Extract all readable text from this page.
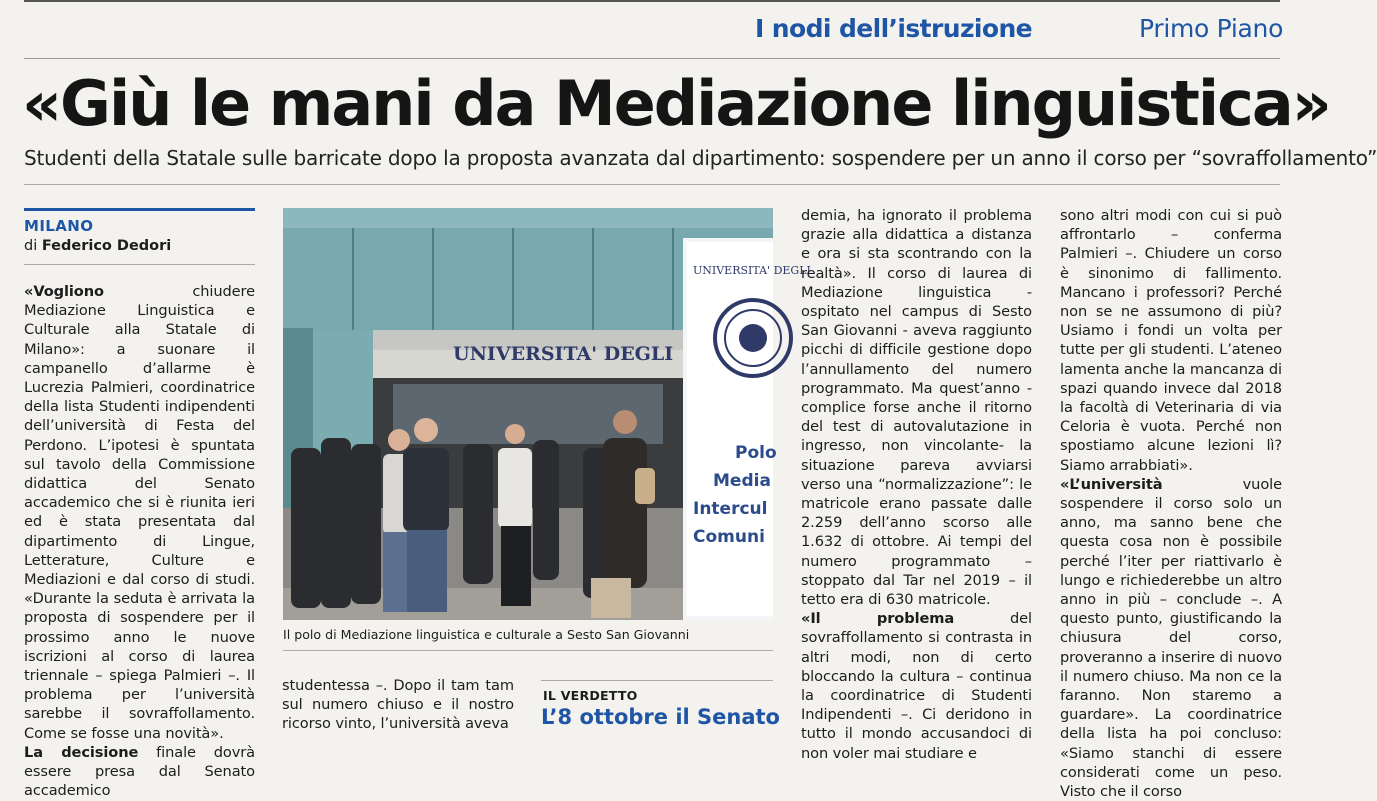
I nodi dell’istruzione	Primo Piano
«Giù le mani da Mediazione linguistica»
Studenti della Statale sulle barricate dopo la proposta avanzata dal dipartimento: sospendere per un anno il corso per “sovraffollamento”
MILANO
di Federico Dedori

«Vogliono chiudere Mediazione Linguistica e Culturale alla Statale di Milano»: a suonare il campanello d’allarme è Lucrezia Palmieri, coordinatrice della lista Studenti indipendenti dell’università di Festa del Perdono. L’ipotesi è spuntata sul tavolo della Commissione didattica del Senato accademico che si è riunita ieri ed è stata presentata dal dipartimento di Lingue, Letterature, Culture e Mediazioni e dal corso di studi. «Durante la seduta è arrivata la proposta di sospendere per il prossimo anno le nuove iscrizioni al corso di laurea triennale – spiega Palmieri –. Il problema per l’università sarebbe il sovraffollamento. Come se fosse una novità».

La decisione finale dovrà essere presa dal Senato accademico

UNIVERSITA' DEGLI
UNIVERSITA' DEGLI
Polo
Media
Intercul
Comuni
Il polo di Mediazione linguistica e culturale a Sesto San Giovanni

studentessa –. Dopo il tam tam sul numero chiuso e il nostro ricorso vinto, l’università aveva

IL VERDETTO
L’8 ottobre il Senato

demia, ha ignorato il problema grazie alla didattica a distanza e ora si sta scontrando con la realtà». Il corso di laurea di Mediazione linguistica - ospitato nel campus di Sesto San Giovanni - aveva raggiunto picchi di difficile gestione dopo l’annullamento del numero programmato. Ma quest’anno - complice forse anche il ritorno del test di autovalutazione in ingresso, non vincolante- la situazione pareva avviarsi verso una “normalizzazione”: le matricole erano passate dalle 2.259 dell’anno scorso alle 1.632 di ottobre. Ai tempi del numero programmato – stoppato dal Tar nel 2019 – il tetto era di 630 matricole.

«Il problema del sovraffollamento si contrasta in altri modi, non di certo bloccando la cultura – continua la coordinatrice di Studenti Indipendenti –. Ci deridono in tutto il mondo accusandoci di non voler mai studiare e

sono altri modi con cui si può affrontarlo – conferma Palmieri –. Chiudere un corso è sinonimo di fallimento. Mancano i professori? Perché non se ne assumono di più? Usiamo i fondi un volta per tutte per gli studenti. L’ateneo lamenta anche la mancanza di spazi quando invece dal 2018 la facoltà di Veterinaria di via Celoria è vuota. Perché non spostiamo alcune lezioni lì? Siamo arrabbiati».

«L’università vuole sospendere il corso solo un anno, ma sanno bene che questa cosa non è possibile perché l’iter per riattivarlo è lungo e richiederebbe un altro anno in più – conclude –. A questo punto, giustificando la chiusura del corso, proveranno a inserire di nuovo il numero chiuso. Ma non ce la faranno. Non staremo a guardare». La coordinatrice della lista ha poi concluso: «Siamo stanchi di essere considerati come un peso. Visto che il corso
